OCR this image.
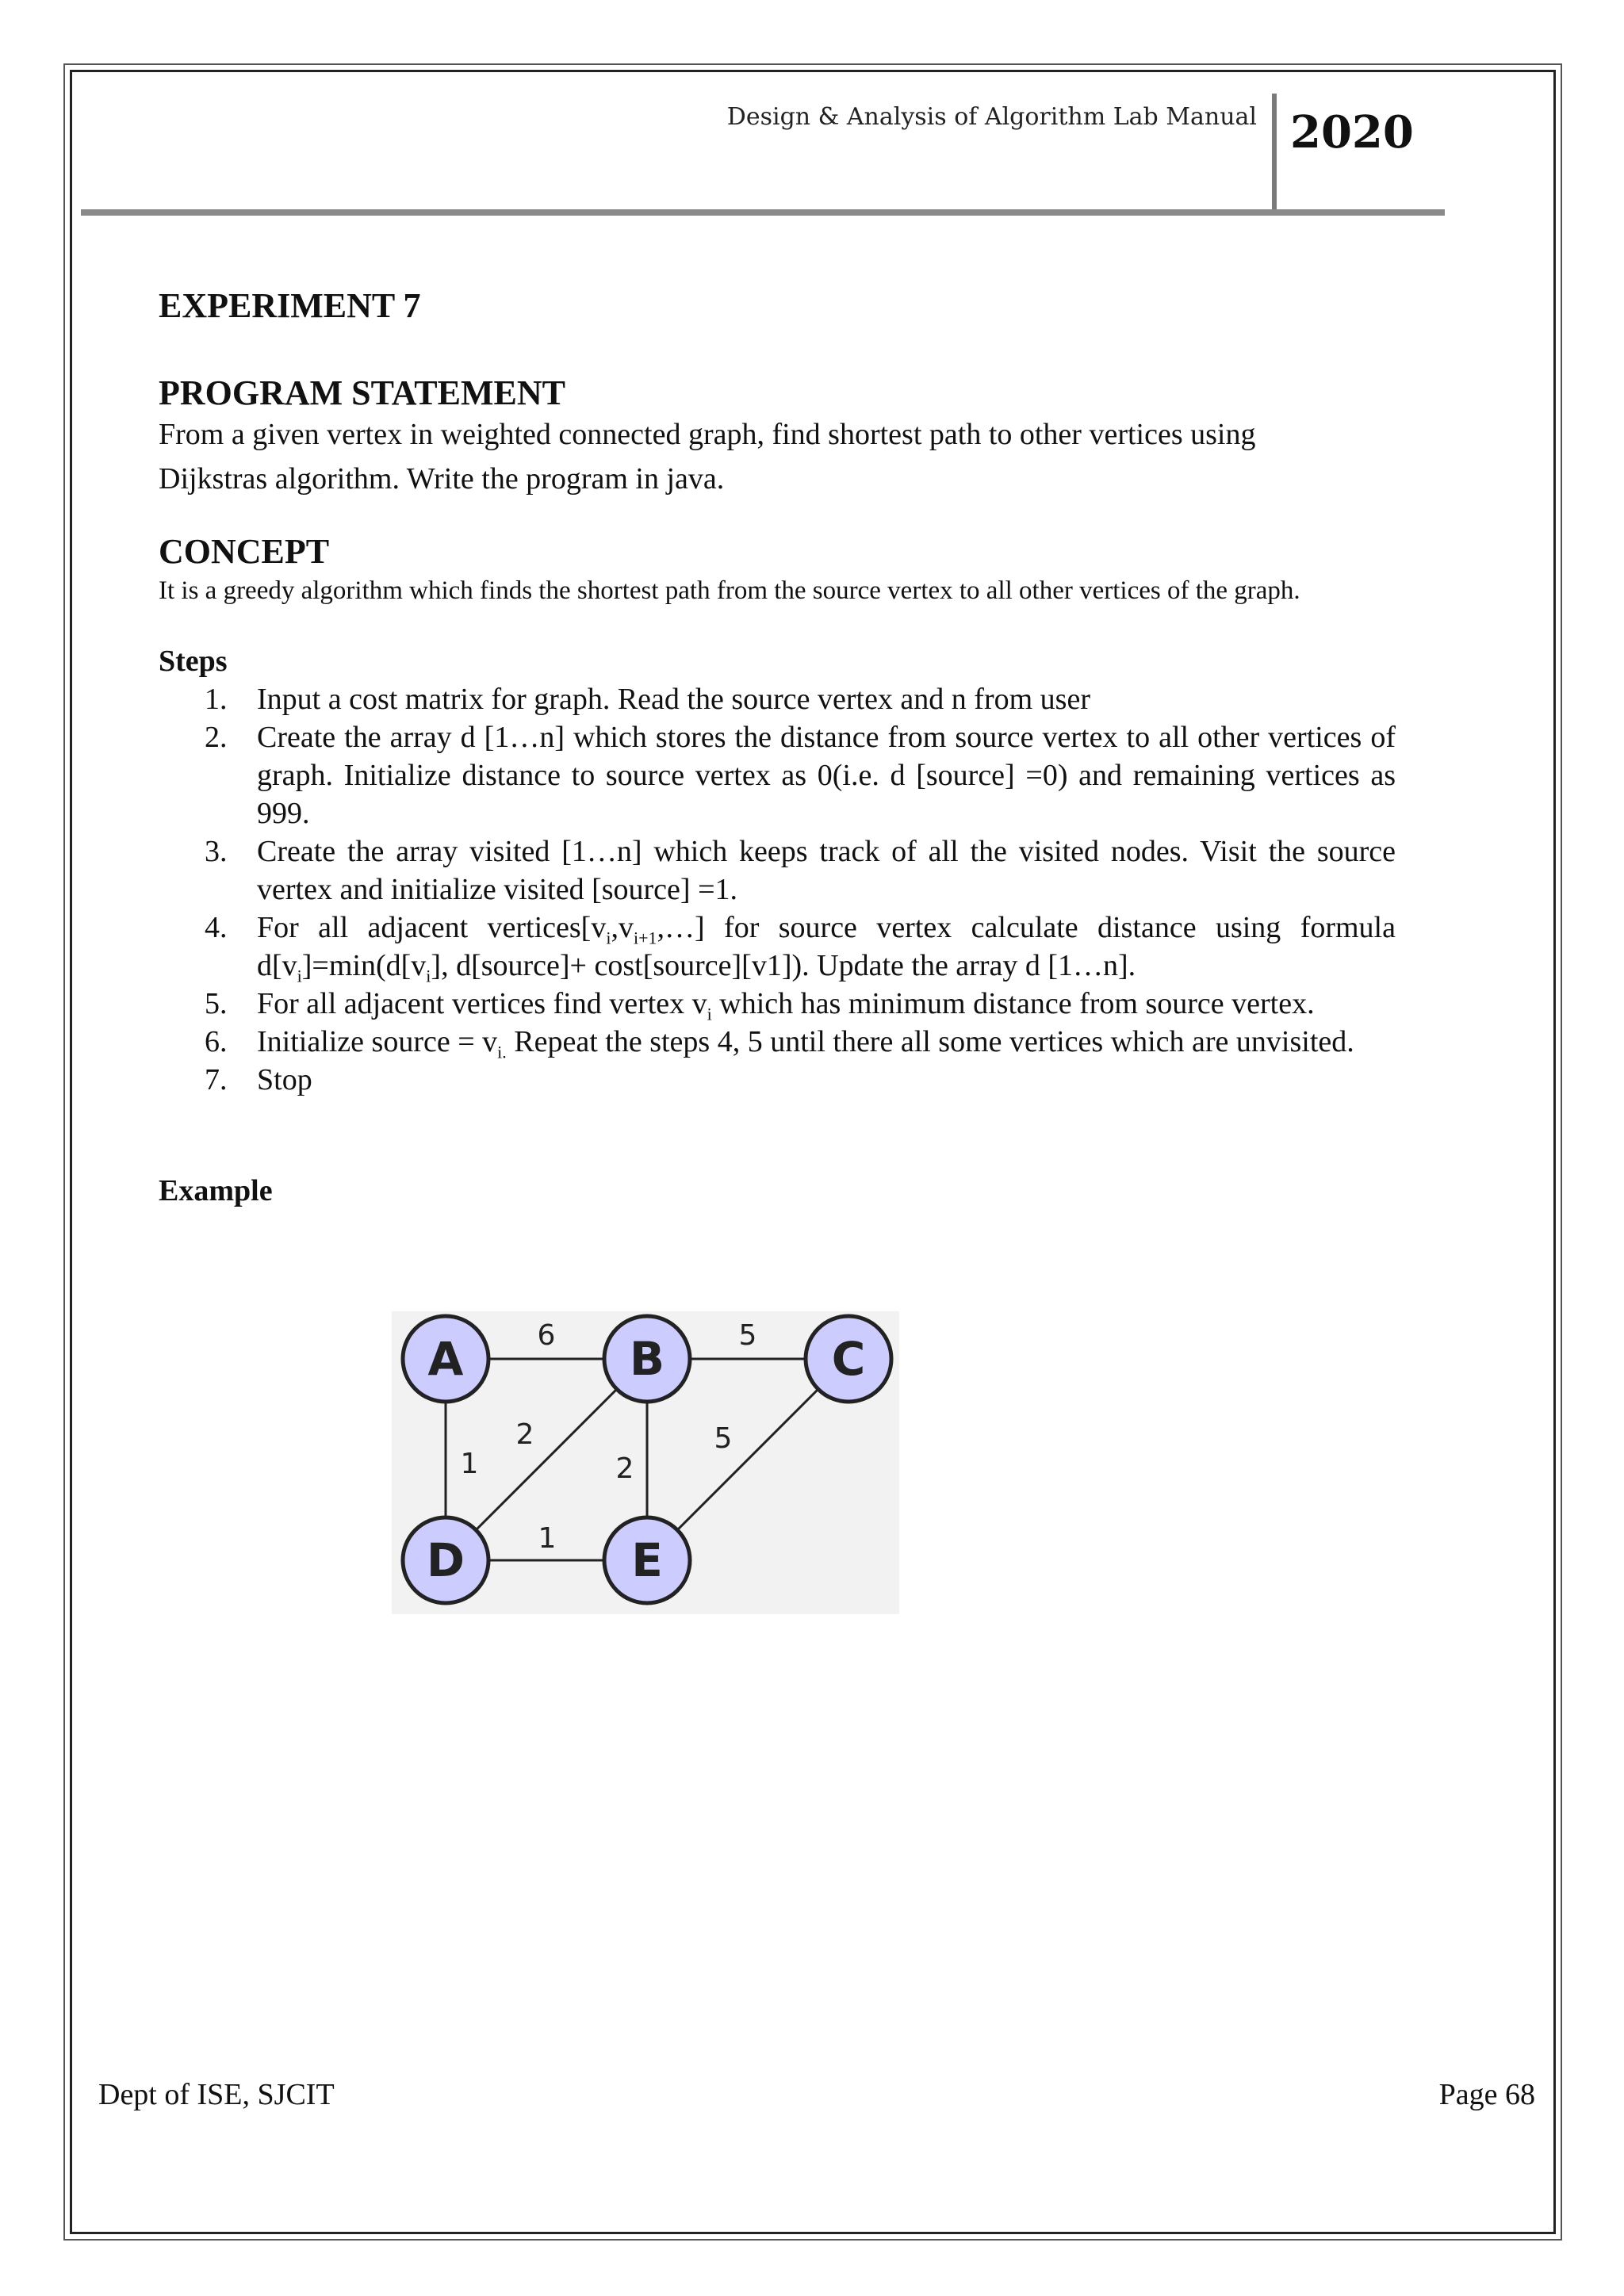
Design & Analysis of Algorithm Lab Manual 2020
EXPERIMENT 7
PROGRAM STATEMENT
From a given vertex in weighted connected graph, find shortest path to other vertices using
Dijkstras algorithm. Write the program in java.
CONCEPT
It is a greedy algorithm which finds the shortest path from the source vertex to all other vertices of the graph.
Steps
1. Input a cost matrix for graph. Read the source vertex and n from user
2. Create the array d [1…n] which stores the distance from source vertex to all other vertices of graph. Initialize distance to source vertex as 0(i.e. d [source] =0) and remaining vertices as 999.
3. Create the array visited [1…n] which keeps track of all the visited nodes. Visit the source vertex and initialize visited [source] =1.
4. For all adjacent $vertices[v_i,v_{i+1},\dots]$ for source vertex calculate distance using formula $d[v_i]=\min(d[v_i]$, d[source]+ cost[source][v1]). Update the array d [1…n].
5. For all adjacent vertices find vertex $v_i$ which has minimum distance from source vertex.
6. Initialize source = $v_{i.}$ Repeat the steps 4, 5 until there all some vertices which are unvisited.
7. Stop
Example
6	5
1
2
2
5
1
A	B	C
D	E
Dept of ISE, SJCIT	Page 68
